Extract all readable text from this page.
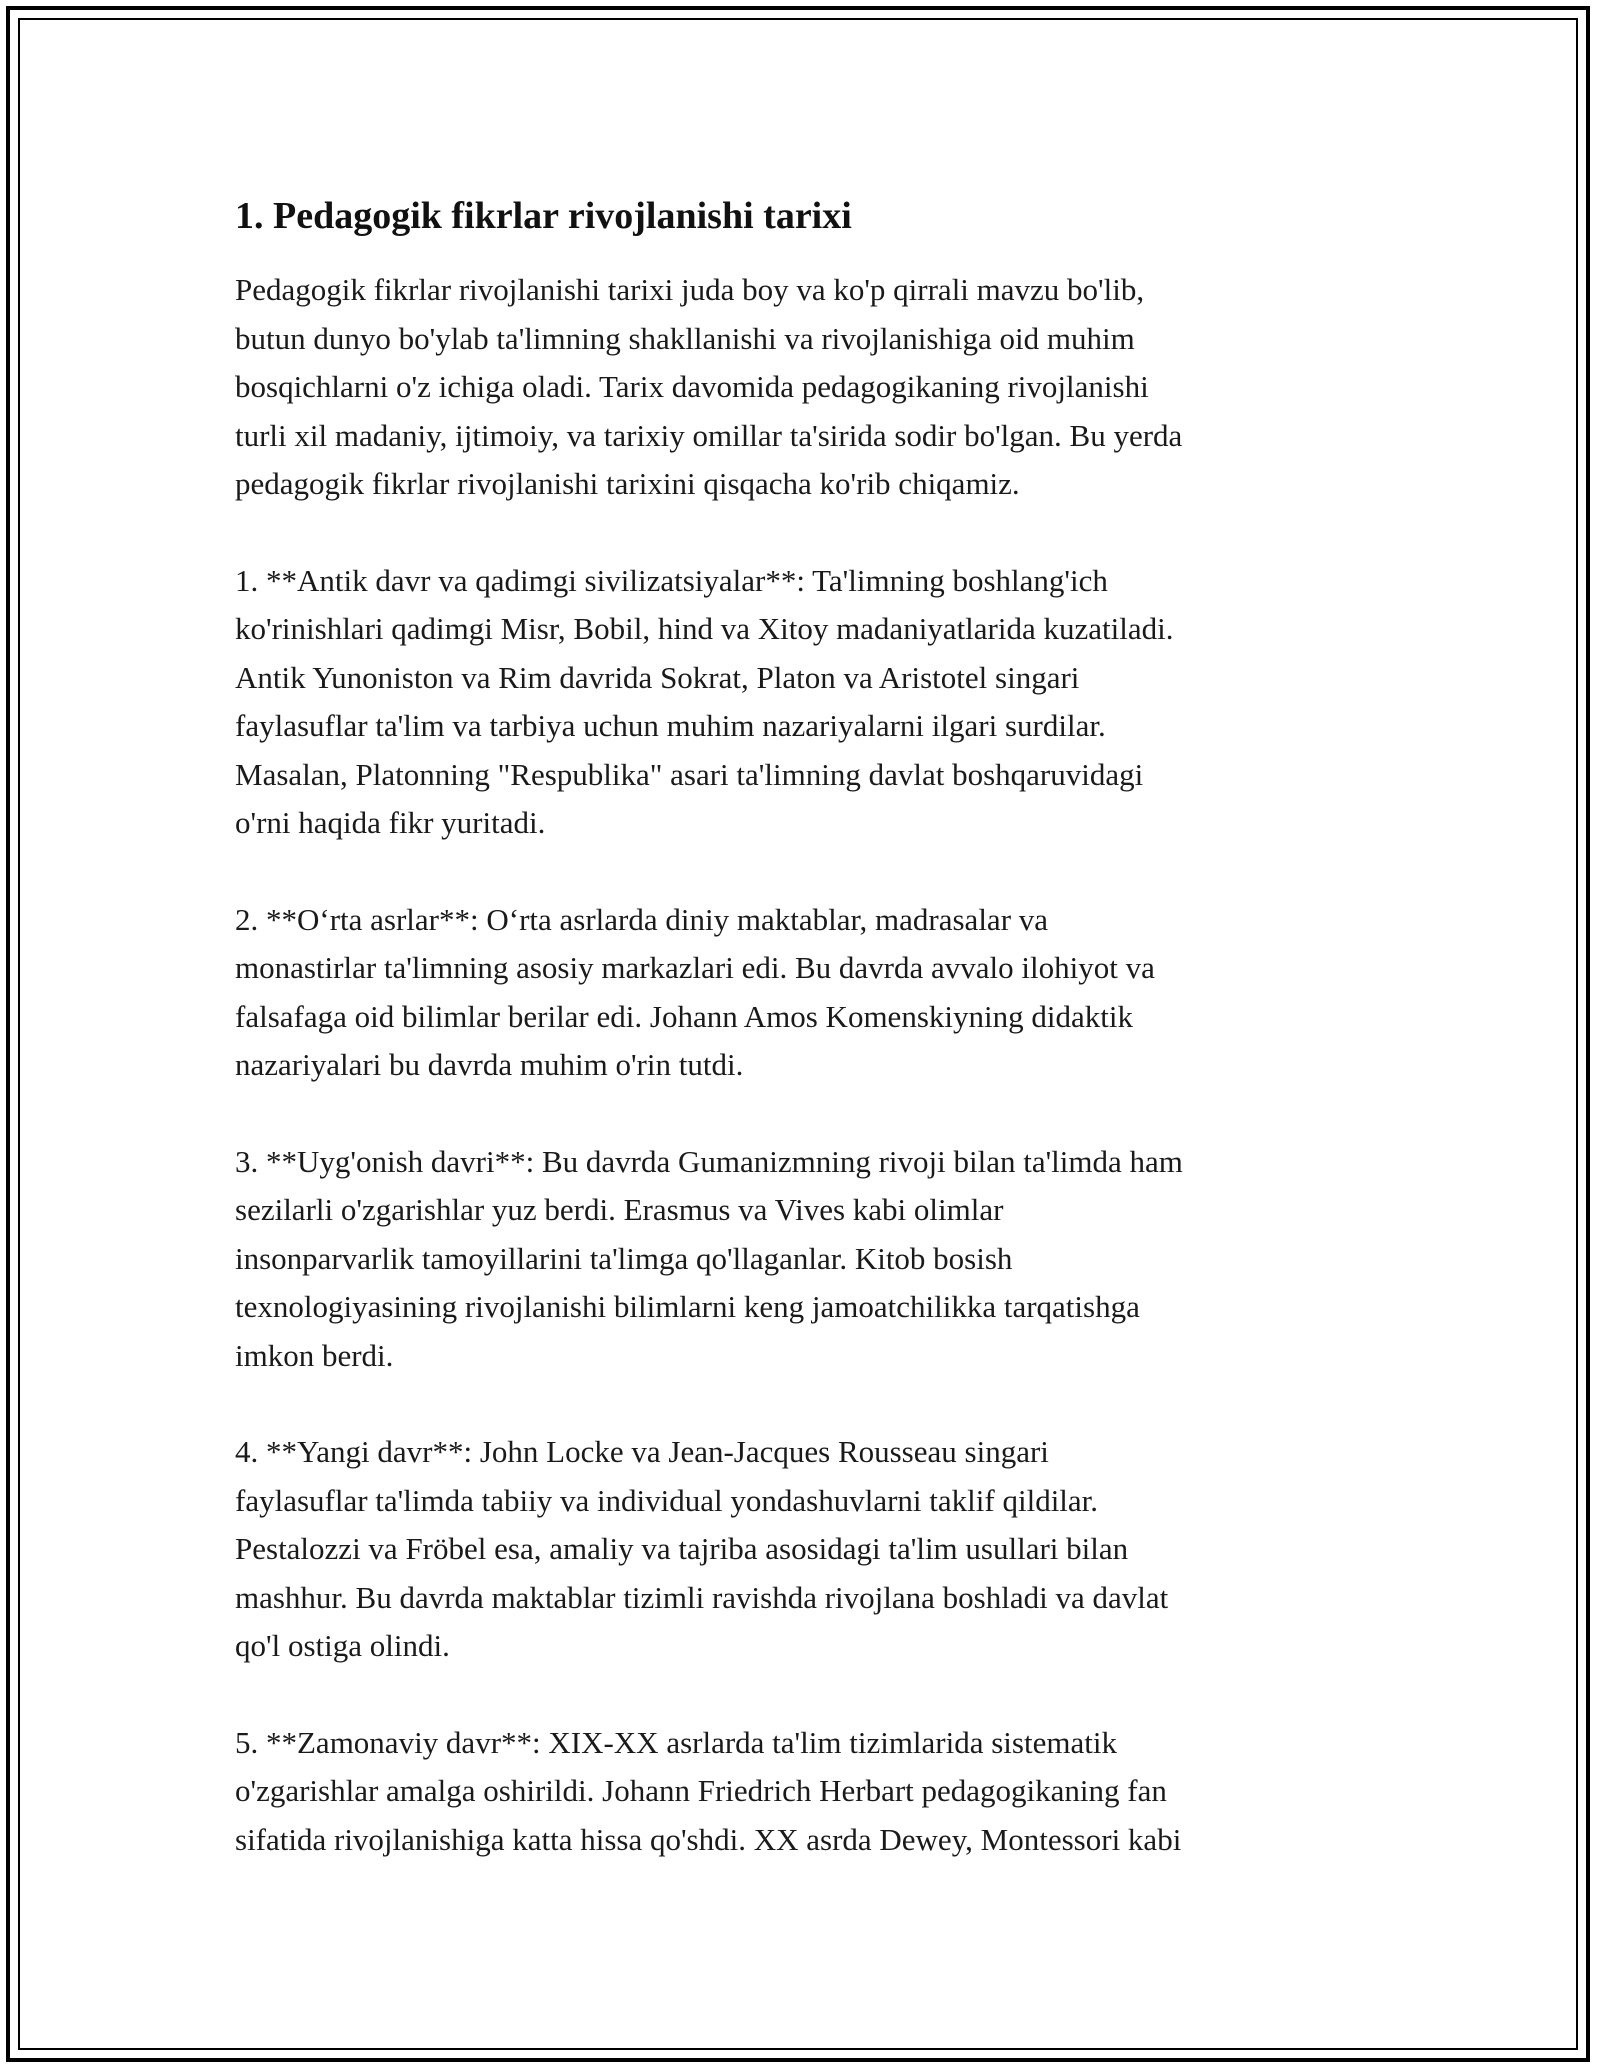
1. Pedagogik fikrlar rivojlanishi tarixi

Pedagogik fikrlar rivojlanishi tarixi juda boy va ko'p qirrali mavzu bo'lib,
butun dunyo bo'ylab ta'limning shakllanishi va rivojlanishiga oid muhim
bosqichlarni o'z ichiga oladi. Tarix davomida pedagogikaning rivojlanishi
turli xil madaniy, ijtimoiy, va tarixiy omillar ta'sirida sodir bo'lgan. Bu yerda
pedagogik fikrlar rivojlanishi tarixini qisqacha ko'rib chiqamiz.

1. **Antik davr va qadimgi sivilizatsiyalar**: Ta'limning boshlang'ich
ko'rinishlari qadimgi Misr, Bobil, hind va Xitoy madaniyatlarida kuzatiladi.
Antik Yunoniston va Rim davrida Sokrat, Platon va Aristotel singari
faylasuflar ta'lim va tarbiya uchun muhim nazariyalarni ilgari surdilar.
Masalan, Platonning "Respublika" asari ta'limning davlat boshqaruvidagi
o'rni haqida fikr yuritadi.

2. **O‘rta asrlar**: O‘rta asrlarda diniy maktablar, madrasalar va
monastirlar ta'limning asosiy markazlari edi. Bu davrda avvalo ilohiyot va
falsafaga oid bilimlar berilar edi. Johann Amos Komenskiyning didaktik
nazariyalari bu davrda muhim o'rin tutdi.

3. **Uyg'onish davri**: Bu davrda Gumanizmning rivoji bilan ta'limda ham
sezilarli o'zgarishlar yuz berdi. Erasmus va Vives kabi olimlar
insonparvarlik tamoyillarini ta'limga qo'llaganlar. Kitob bosish
texnologiyasining rivojlanishi bilimlarni keng jamoatchilikka tarqatishga
imkon berdi.

4. **Yangi davr**: John Locke va Jean-Jacques Rousseau singari
faylasuflar ta'limda tabiiy va individual yondashuvlarni taklif qildilar.
Pestalozzi va Fröbel esa, amaliy va tajriba asosidagi ta'lim usullari bilan
mashhur. Bu davrda maktablar tizimli ravishda rivojlana boshladi va davlat
qo'l ostiga olindi.

5. **Zamonaviy davr**: XIX-XX asrlarda ta'lim tizimlarida sistematik
o'zgarishlar amalga oshirildi. Johann Friedrich Herbart pedagogikaning fan
sifatida rivojlanishiga katta hissa qo'shdi. XX asrda Dewey, Montessori kabi
